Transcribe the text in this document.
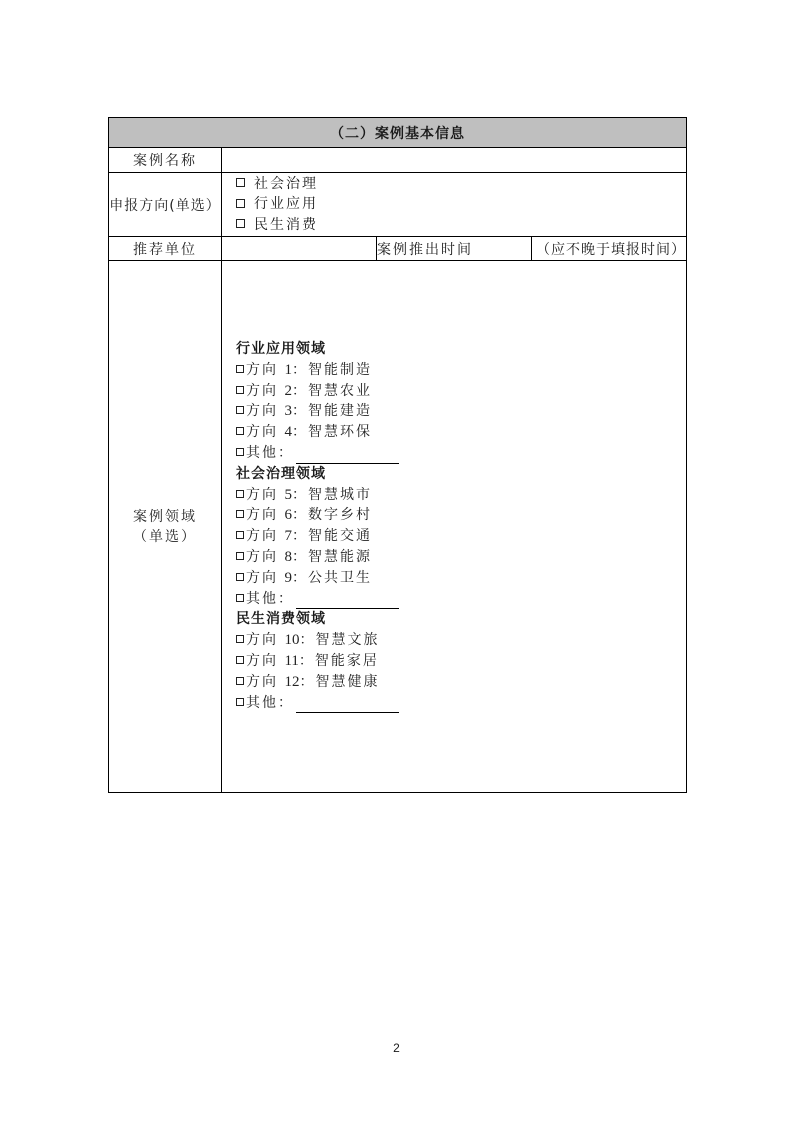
（二）案例基本信息			
案例名称			
申报方向(单选）	社会治理
行业应用
民生消费		

推荐单位		案例推出时间	（应不晚于填报时间）

案例领域
（单选）

行业应用领域
方向 1：智能制造
方向 2：智慧农业
方向 3：智能建造
方向 4：智慧环保
其他：
社会治理领域
方向 5：智慧城市
方向 6：数字乡村
方向 7：智能交通
方向 8：智慧能源
方向 9：公共卫生
其他：
民生消费领域
方向 10：智慧文旅
方向 11：智能家居
方向 12：智慧健康
其他：
2
